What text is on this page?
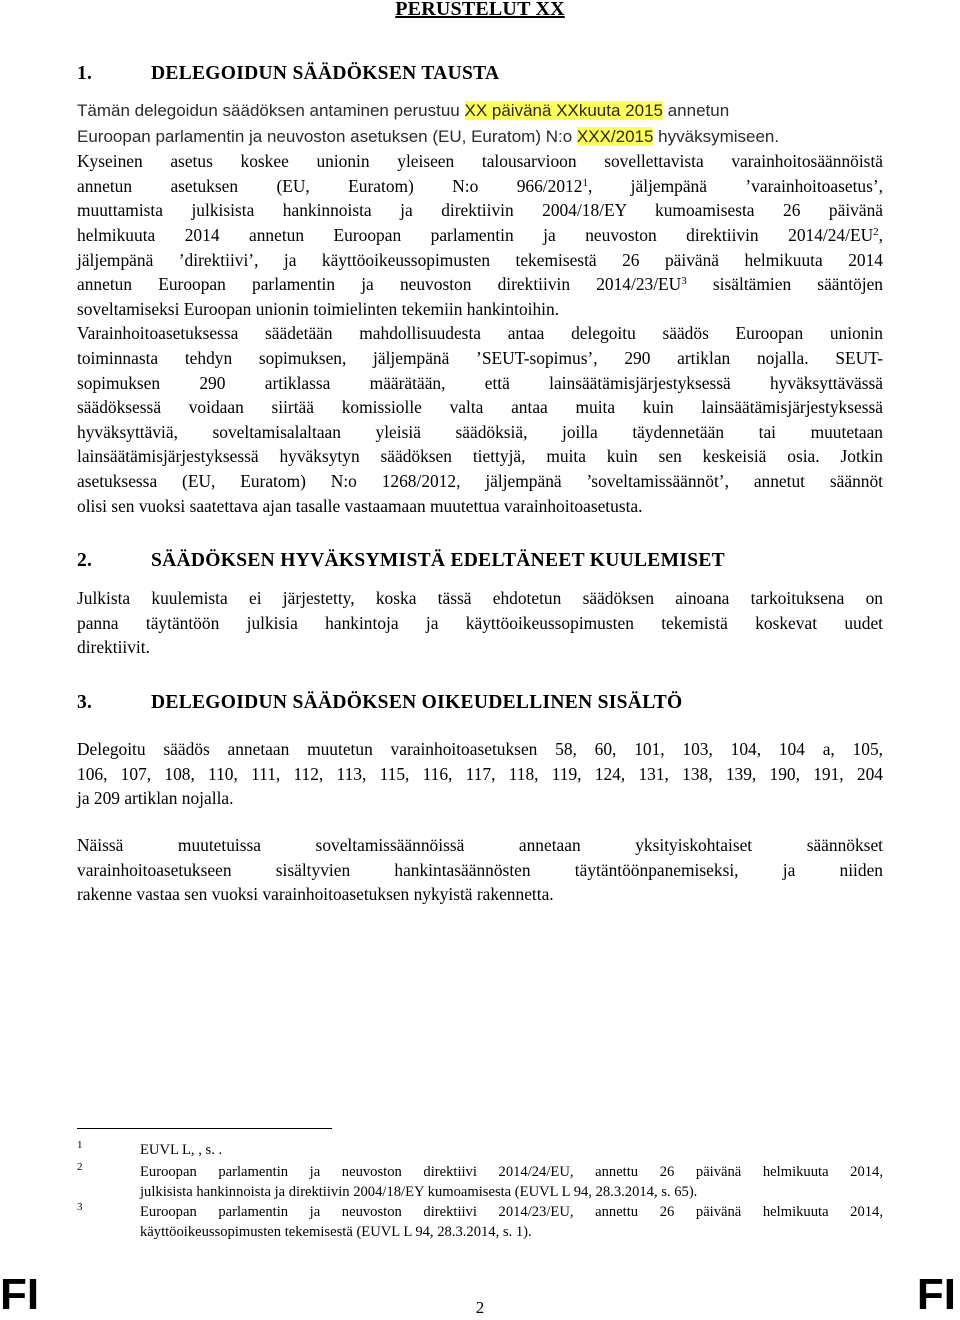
PERUSTELUT XX
1.	DELEGOIDUN SÄÄDÖKSEN TAUSTA
Tämän delegoidun säädöksen antaminen perustuu XX päivänä XXkuuta 2015 annetun
Euroopan parlamentin ja neuvoston asetuksen (EU, Euratom) N:o XXX/2015 hyväksymiseen.
Kyseinen asetus koskee unionin yleiseen talousarvioon sovellettavista varainhoitosäännöistä
annetun asetuksen (EU, Euratom) N:o 966/2012$^1$, jäljempänä ’varainhoitoasetus’,
muuttamista julkisista hankinnoista ja direktiivin 2004/18/EY kumoamisesta 26 päivänä
helmikuuta 2014 annetun Euroopan parlamentin ja neuvoston direktiivin $2014/24/EU^2$,
jäljempänä ’direktiivi’, ja käyttöoikeussopimusten tekemisestä 26 päivänä helmikuuta 2014
annetun Euroopan parlamentin ja neuvoston direktiivin $2014/23/EU^3$ sisältämien sääntöjen
soveltamiseksi Euroopan unionin toimielinten tekemiin hankintoihin.
Varainhoitoasetuksessa säädetään mahdollisuudesta antaa delegoitu säädös Euroopan unionin
toiminnasta tehdyn sopimuksen, jäljempänä ’SEUT-sopimus’, 290 artiklan nojalla. SEUT-
sopimuksen 290 artiklassa määrätään, että lainsäätämisjärjestyksessä hyväksyttävässä
säädöksessä voidaan siirtää komissiolle valta antaa muita kuin lainsäätämisjärjestyksessä
hyväksyttäviä, soveltamisalaltaan yleisiä säädöksiä, joilla täydennetään tai muutetaan
lainsäätämisjärjestyksessä hyväksytyn säädöksen tiettyjä, muita kuin sen keskeisiä osia. Jotkin
asetuksessa (EU, Euratom) N:o 1268/2012, jäljempänä ’soveltamissäännöt’, annetut säännöt
olisi sen vuoksi saatettava ajan tasalle vastaamaan muutettua varainhoitoasetusta.
2.	SÄÄDÖKSEN HYVÄKSYMISTÄ EDELTÄNEET KUULEMISET
Julkista kuulemista ei järjestetty, koska tässä ehdotetun säädöksen ainoana tarkoituksena on
panna täytäntöön julkisia hankintoja ja käyttöoikeussopimusten tekemistä koskevat uudet
direktiivit.
3.	DELEGOIDUN SÄÄDÖKSEN OIKEUDELLINEN SISÄLTÖ
Delegoitu säädös annetaan muutetun varainhoitoasetuksen 58, 60, 101, 103, 104, 104 a, 105,
106, 107, 108, 110, 111, 112, 113, 115, 116, 117, 118, 119, 124, 131, 138, 139, 190, 191, 204
ja 209 artiklan nojalla.
Näissä muutetuissa soveltamissäännöissä annetaan yksityiskohtaiset säännökset
varainhoitoasetukseen sisältyvien hankintasäännösten täytäntöönpanemiseksi, ja niiden
rakenne vastaa sen vuoksi varainhoitoasetuksen nykyistä rakennetta.
1	EUVL L, , s. .
2	Euroopan parlamentin ja neuvoston direktiivi 2014/24/EU, annettu 26 päivänä helmikuuta 2014,
julkisista hankinnoista ja direktiivin 2004/18/EY kumoamisesta (EUVL L 94, 28.3.2014, s. 65).
3	Euroopan parlamentin ja neuvoston direktiivi 2014/23/EU, annettu 26 päivänä helmikuuta 2014,
käyttöoikeussopimusten tekemisestä (EUVL L 94, 28.3.2014, s. 1).
FI	2	FI
